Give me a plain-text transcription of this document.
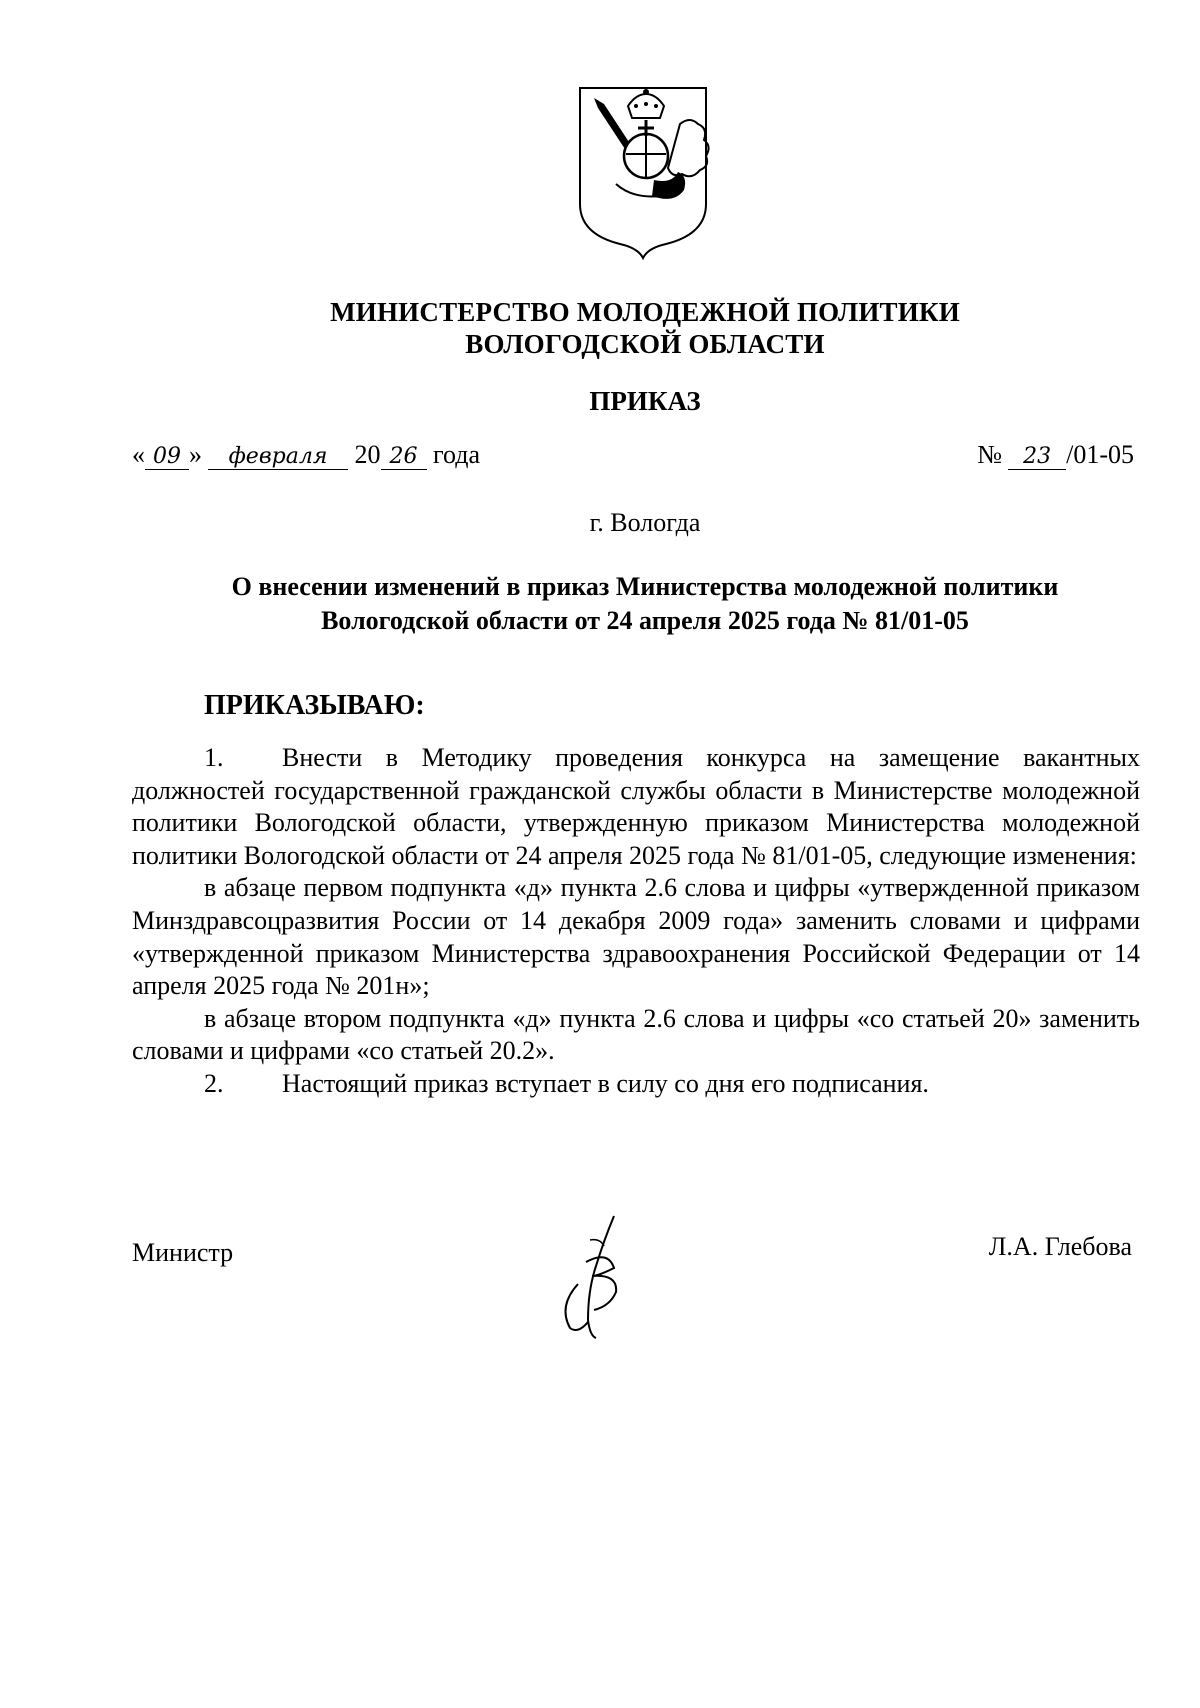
МИНИСТЕРСТВО МОЛОДЕЖНОЙ ПОЛИТИКИ
ВОЛОГОДСКОЙ ОБЛАСТИ
ПРИКАЗ
« 09 » февраля 20 26 года	№ 23 /01-05
г. Вологда
О внесении изменений в приказ Министерства молодежной политики
Вологодской области от 24 апреля 2025 года № 81/01-05
ПРИКАЗЫВАЮ:

1. Внести в Методику проведения конкурса на замещение вакантных должностей государственной гражданской службы области в Министерстве молодежной политики Вологодской области, утвержденную приказом Министерства молодежной политики Вологодской области от 24 апреля 2025 года № 81/01-05, следующие изменения:

в абзаце первом подпункта «д» пункта 2.6 слова и цифры «утвержденной приказом Минздравсоцразвития России от 14 декабря 2009 года» заменить словами и цифрами «утвержденной приказом Министерства здравоохранения Российской Федерации от 14 апреля 2025 года № 201н»;

в абзаце втором подпункта «д» пункта 2.6 слова и цифры «со статьей 20» заменить словами и цифрами «со статьей 20.2».

2. Настоящий приказ вступает в силу со дня его подписания.

Министр	Л.А. Глебова
